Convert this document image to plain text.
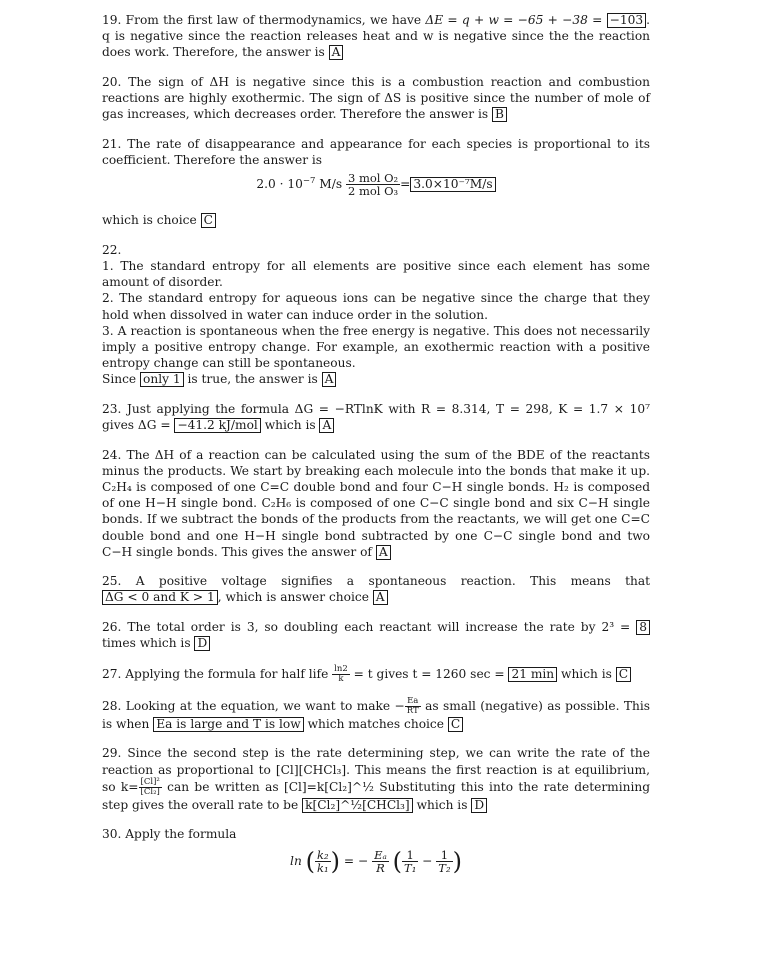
19. From the first law of thermodynamics, we have ΔE = q + w = −65 + −38 = −103 . q is negative since the reaction releases heat and w is negative since the the reaction does work. Therefore, the answer is A

20. The sign of ΔH is negative since this is a combustion reaction and combustion reactions are highly exothermic. The sign of ΔS is positive since the number of mole of gas increases, which decreases order. Therefore the answer is B

21. The rate of disappearance and appearance for each species is proportional to its coefficient. Therefore the answer is

$2.0 \cdot 10^{-7}$ $M/s \frac{\text{3 mol O₂}}{\text{2 mol O₃}} = 3.0\times 10^{-7}M/s$

which is choice C

22.

1. The standard entropy for all elements are positive since each element has some amount of disorder.

2. The standard entropy for aqueous ions can be negative since the charge that they hold when dissolved in water can induce order in the solution.

3. A reaction is spontaneous when the free energy is negative. This does not necessarily imply a positive entropy change. For example, an exothermic reaction with a positive entropy change can still be spontaneous.

Since only 1 is true, the answer is A

23. Just applying the formula ΔG = −RTlnK with R = 8.314, T = 298, K = 1.7 × 10⁷ gives ΔG = −41.2 kJ/mol which is A

24. The ΔH of a reaction can be calculated using the sum of the BDE of the reactants minus the products. We start by breaking each molecule into the bonds that make it up. C₂H₄ is composed of one C=C double bond and four C−H single bonds. H₂ is composed of one H−H single bond. C₂H₆ is composed of one C−C single bond and six C−H single bonds. If we subtract the bonds of the products from the reactants, we will get one C=C double bond and one H−H single bond subtracted by one C−C single bond and two C−H single bonds. This gives the answer of A

25. A positive voltage signifies a spontaneous reaction. This means that ΔG < 0 and K > 1 , which is answer choice A

26. The total order is 3, so doubling each reactant will increase the rate by 2³ = 8 times which is D

27. Applying the formula for half life $\frac{\ln 2}{k} = t$ gives t = 1260 sec = 21 min which is C

28. Looking at the equation, we want to make − $\frac{Ea}{RT}$ as small (negative) as possible. This is when Ea is large and T is low which matches choice C

29. Since the second step is the rate determining step, we can write the rate of the reaction as proportional to [Cl][CHCl₃]. This means the first reaction is at equilibrium, so $k= \frac{\text{[Cl]²}}{\text{[Cl₂]}}$ can be written as [Cl]=k[Cl₂]^½ Substituting this into the rate determining step gives the overall rate to be k[Cl₂]^½[CHCl₃] which is D

30. Apply the formula

ln ( $\frac{\text{k₂}}{\text{k₁}}$ ) = − $\frac{\text{Eₐ}}{R}$ ( $\frac{1}{\text{T₁}} - \frac{1}{\text{T₂}}$ )
